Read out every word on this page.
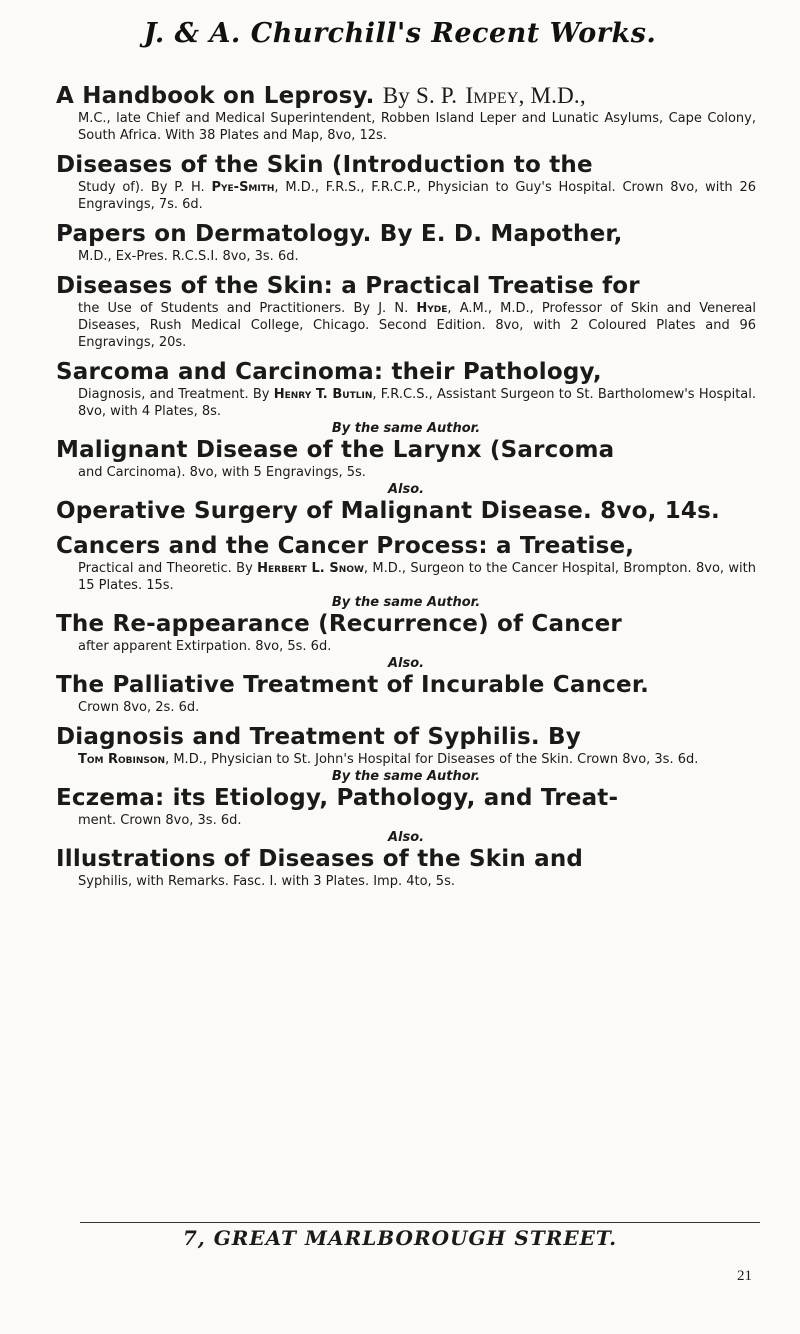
J. & A. Churchill's Recent Works.
A Handbook on Leprosy. By S. P. Impey, M.D.,
M.C., late Chief and Medical Superintendent, Robben Island Leper and Lunatic Asylums, Cape Colony, South Africa. With 38 Plates and Map, 8vo, 12s.
Diseases of the Skin (Introduction to the
Study of). By P. H. Pye-Smith, M.D., F.R.S., F.R.C.P., Physician to Guy's Hospital. Crown 8vo, with 26 Engravings, 7s. 6d.
Papers on Dermatology. By E. D. Mapother,
M.D., Ex-Pres. R.C.S.I. 8vo, 3s. 6d.
Diseases of the Skin: a Practical Treatise for
the Use of Students and Practitioners. By J. N. Hyde, A.M., M.D., Professor of Skin and Venereal Diseases, Rush Medical College, Chicago. Second Edition. 8vo, with 2 Coloured Plates and 96 Engravings, 20s.
Sarcoma and Carcinoma: their Pathology,
Diagnosis, and Treatment. By Henry T. Butlin, F.R.C.S., Assistant Surgeon to St. Bartholomew's Hospital. 8vo, with 4 Plates, 8s.
By the same Author.
Malignant Disease of the Larynx (Sarcoma
and Carcinoma). 8vo, with 5 Engravings, 5s.
Also.
Operative Surgery of Malignant Disease. 8vo, 14s.
Cancers and the Cancer Process: a Treatise,
Practical and Theoretic. By Herbert L. Snow, M.D., Surgeon to the Cancer Hospital, Brompton. 8vo, with 15 Plates. 15s.
By the same Author.
The Re-appearance (Recurrence) of Cancer
after apparent Extirpation. 8vo, 5s. 6d.
Also.
The Palliative Treatment of Incurable Cancer.
Crown 8vo, 2s. 6d.
Diagnosis and Treatment of Syphilis. By
Tom Robinson, M.D., Physician to St. John's Hospital for Diseases of the Skin. Crown 8vo, 3s. 6d.
By the same Author.
Eczema: its Etiology, Pathology, and Treat-
ment. Crown 8vo, 3s. 6d.
Also.
Illustrations of Diseases of the Skin and
Syphilis, with Remarks. Fasc. I. with 3 Plates. Imp. 4to, 5s.
7, GREAT MARLBOROUGH STREET.
21
